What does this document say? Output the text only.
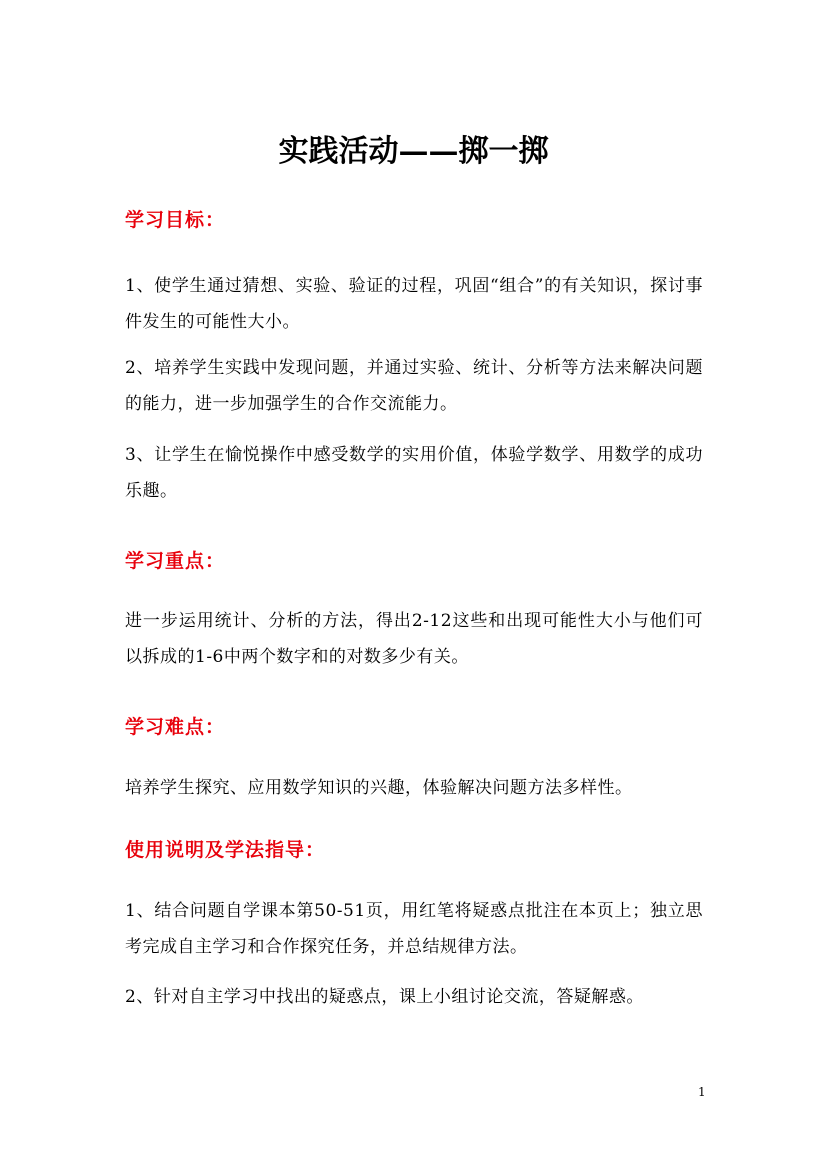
实践活动——掷一掷
学习目标：

1、使学生通过猜想、实验、验证的过程，巩固“组合”的有关知识，探讨事件发生的可能性大小。

2、培养学生实践中发现问题，并通过实验、统计、分析等方法来解决问题的能力，进一步加强学生的合作交流能力。

3、让学生在愉悦操作中感受数学的实用价值，体验学数学、用数学的成功乐趣。

学习重点：

进一步运用统计、分析的方法，得出2-12这些和出现可能性大小与他们可以拆成的1-6中两个数字和的对数多少有关。

学习难点：

培养学生探究、应用数学知识的兴趣，体验解决问题方法多样性。

使用说明及学法指导：

1、结合问题自学课本第50-51页，用红笔将疑惑点批注在本页上；独立思考完成自主学习和合作探究任务，并总结规律方法。

2、针对自主学习中找出的疑惑点，课上小组讨论交流，答疑解惑。

1
